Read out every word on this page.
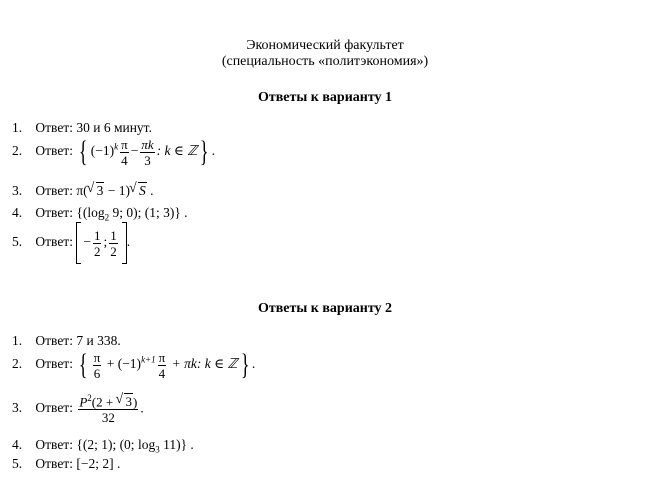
Экономический факультет
(специальность «политэкономия»)
Ответы к варианту 1
1. Ответ: 30 и 6 минут.
2. Ответ: { $(-1)^k \frac{\pi}{4} - \frac{\pi k}{3}$ : k ∈ ℤ} .
3. Ответ: π( √ 3 − 1) √ S .
4. Ответ: {($\log_2$ 9; 0); (1; 3)} .
5. Ответ: − $\frac{1}{2}$ ; $\frac{1}{2}$ .
Ответы к варианту 2
1. Ответ: 7 и 338.
2. Ответ: { $\frac{\pi}{6} + (-1)^{k+1} \frac{\pi}{4} + \pi k$: k ∈ ℤ} .
3. Ответ: $\frac{P^2(2 + √ 3)}{32}$ .
4. Ответ: {(2; 1); (0; $\log_3 11$)} .
5. Ответ: [−2; 2] .
